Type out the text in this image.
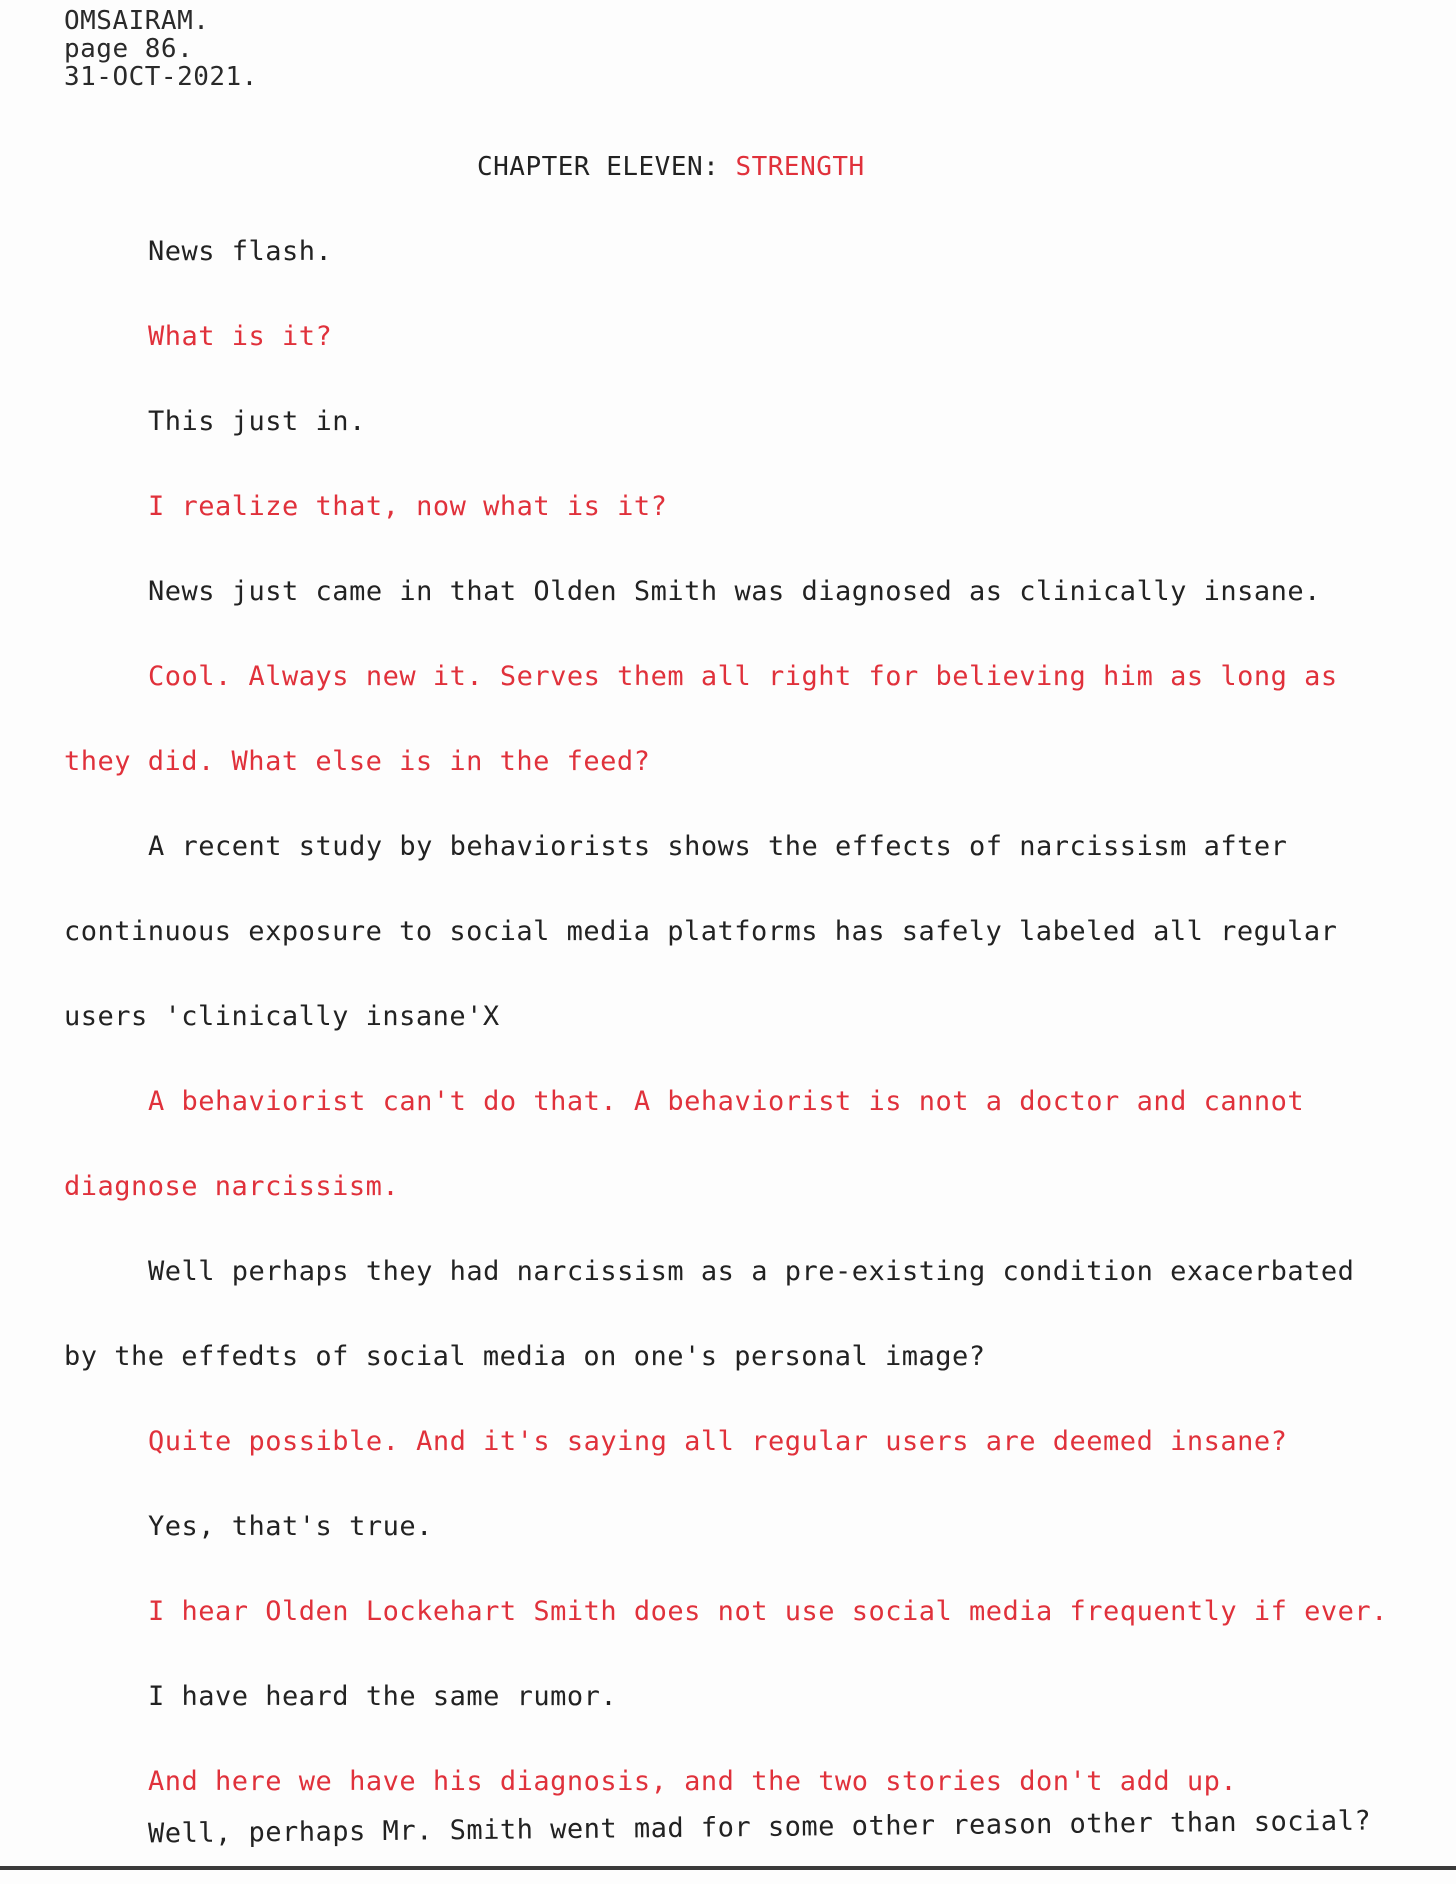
OMSAIRAM.
page 86.
31-OCT-2021.
CHAPTER ELEVEN: STRENGTH
News flash.
What is it?
This just in.
I realize that, now what is it?
News just came in that Olden Smith was diagnosed as clinically insane.
Cool. Always new it. Serves them all right for believing him as long as
they did. What else is in the feed?
A recent study by behaviorists shows the effects of narcissism after
continuous exposure to social media platforms has safely labeled all regular
users 'clinically insane'X
A behaviorist can't do that. A behaviorist is not a doctor and cannot
diagnose narcissism.
Well perhaps they had narcissism as a pre-existing condition exacerbated
by the effedts of social media on one's personal image?
Quite possible. And it's saying all regular users are deemed insane?
Yes, that's true.
I hear Olden Lockehart Smith does not use social media frequently if ever.
I have heard the same rumor.
And here we have his diagnosis, and the two stories don't add up.
Well, perhaps Mr. Smith went mad for some other reason other than social?
